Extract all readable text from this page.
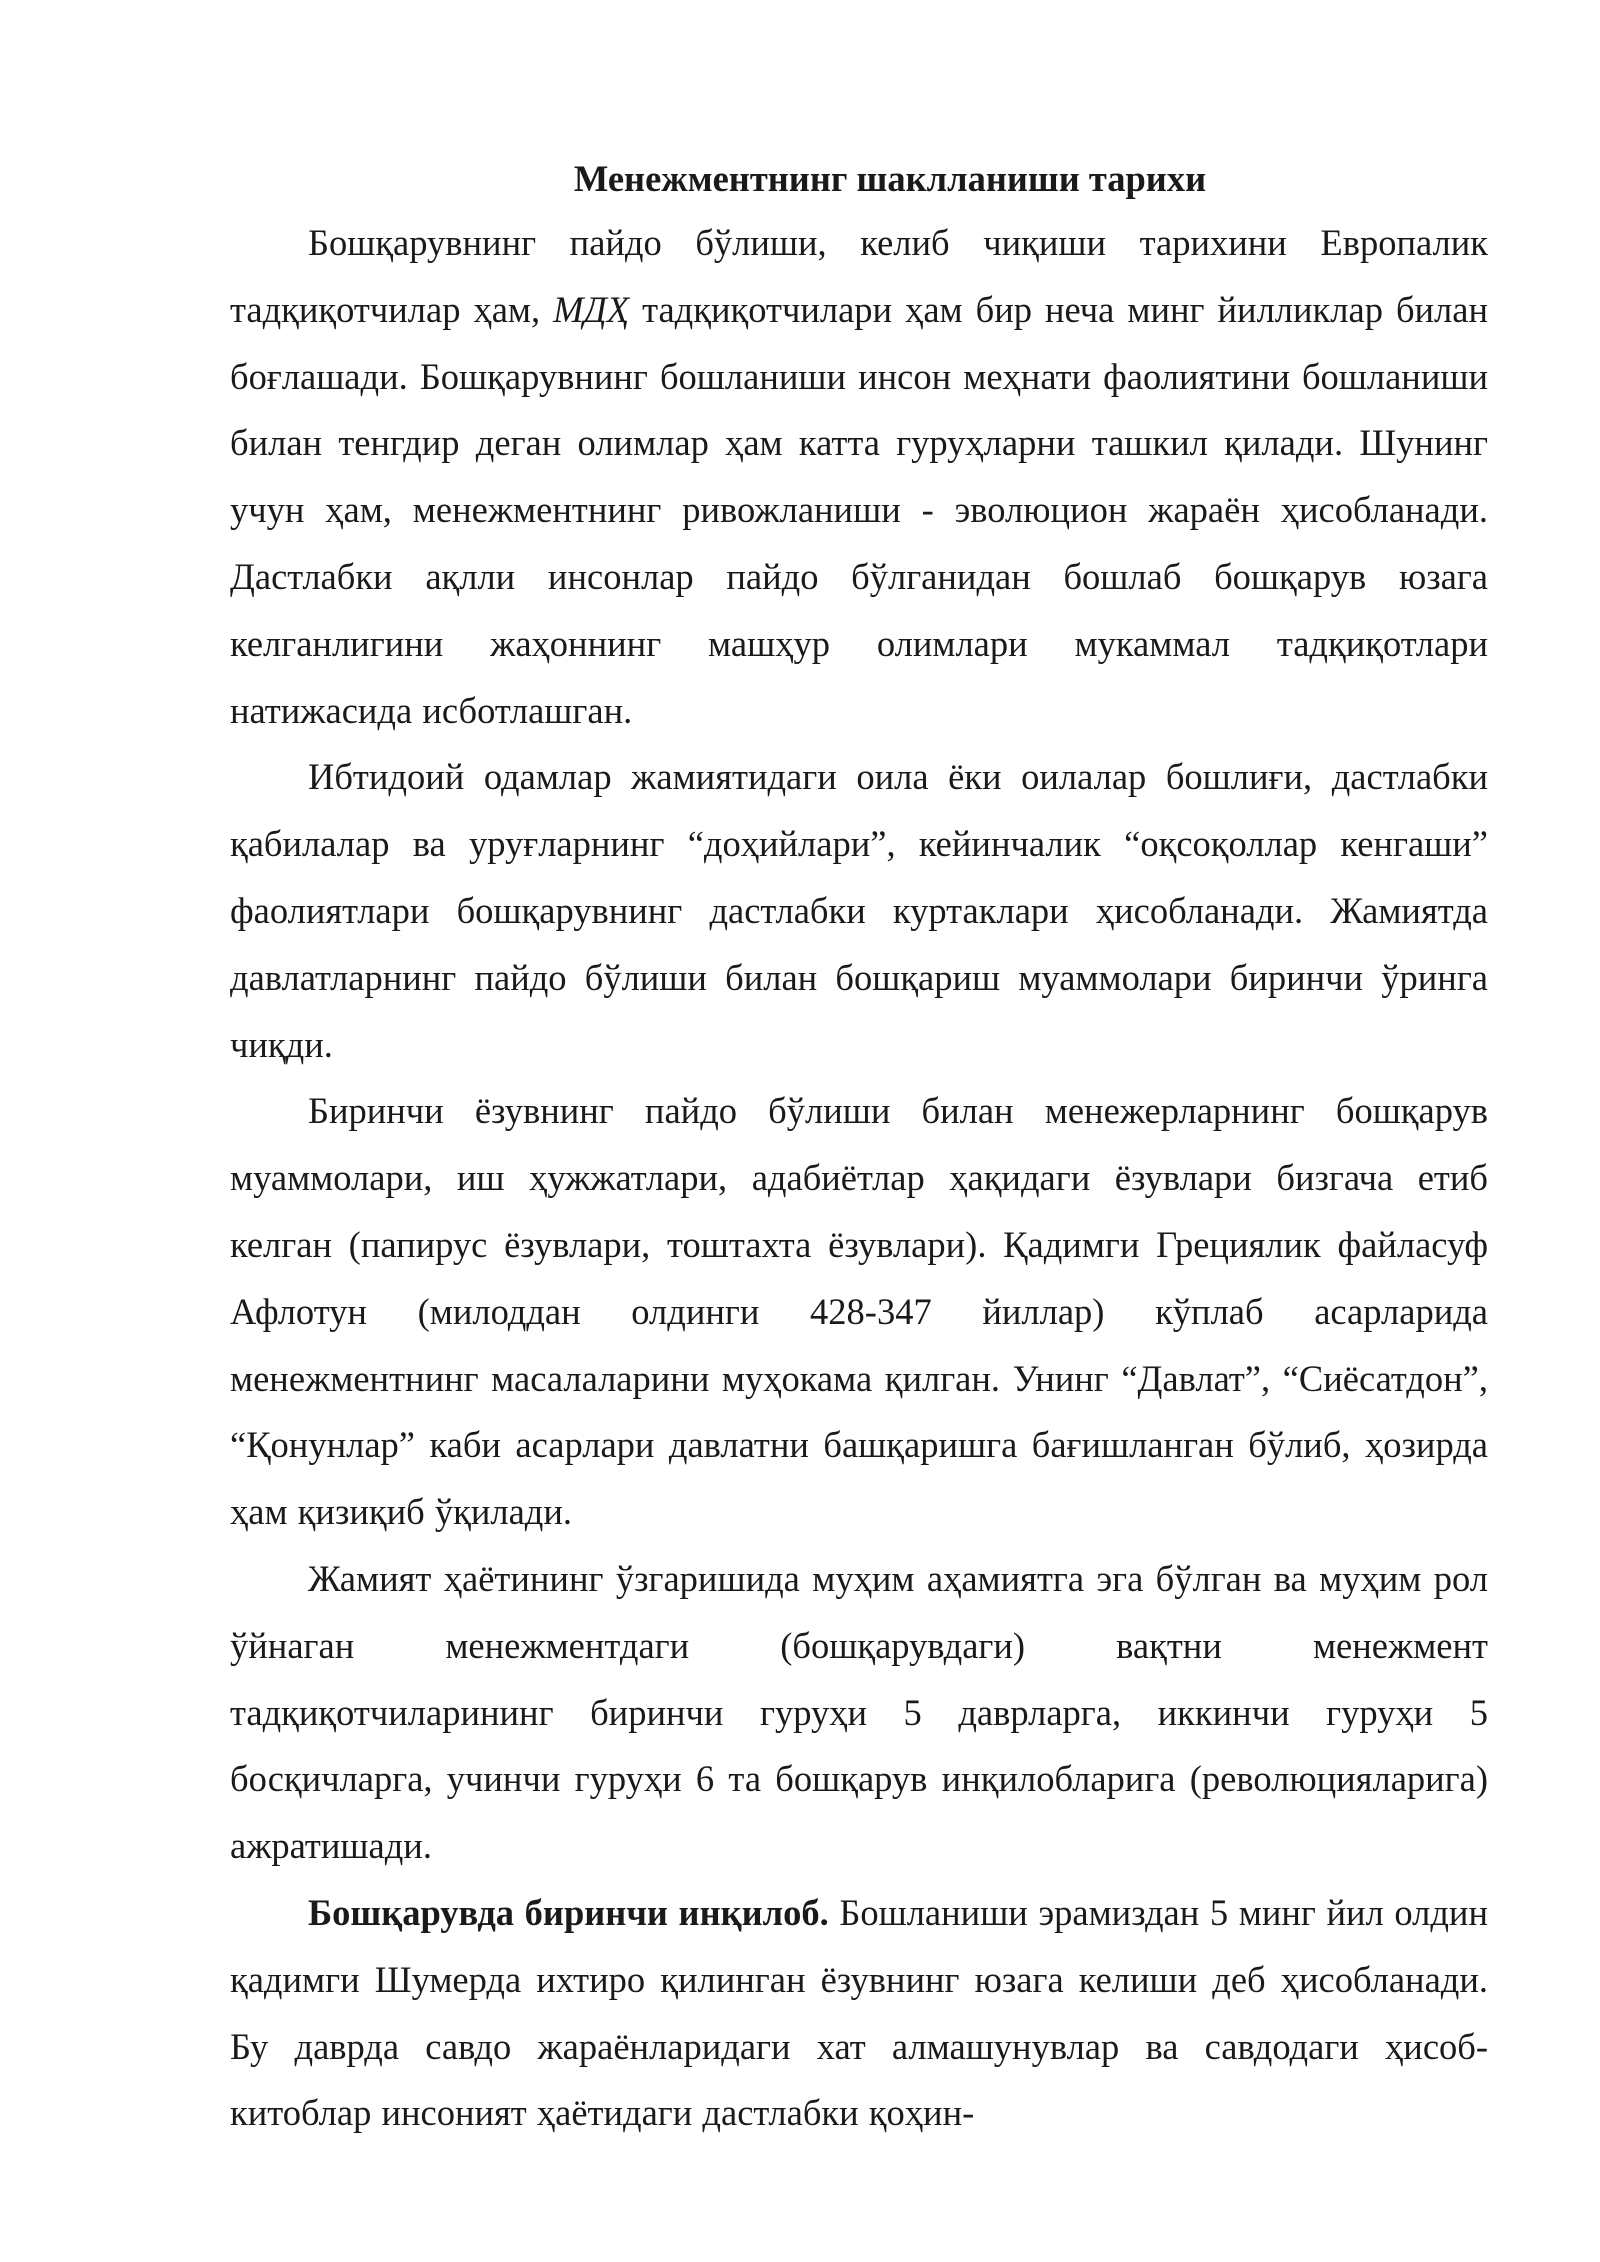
Менежментнинг шаклланиши тарихи

Бошқарувнинг пайдо бўлиши, келиб чиқиши тарихини Европалик тадқиқотчилар ҳам, МДҲ тадқиқотчилари ҳам бир неча минг йилликлар билан боғлашади. Бошқарувнинг бошланиши инсон меҳнати фаолиятини бошланиши билан тенгдир деган олимлар ҳам катта гуруҳларни ташкил қилади. Шунинг учун ҳам, менежментнинг ривожланиши - эволюцион жараён ҳисобланади. Дастлабки ақлли инсонлар пайдо бўлганидан бошлаб бошқарув юзага келганлигини жаҳоннинг машҳур олимлари мукаммал тадқиқотлари натижасида исботлашган.

Ибтидоий одамлар жамиятидаги оила ёки оилалар бошлиғи, дастлабки қабилалар ва уруғларнинг “доҳийлари”, кейинчалик “оқсоқоллар кенгаши” фаолиятлари бошқарувнинг дастлабки куртаклари ҳисобланади. Жамиятда давлатларнинг пайдо бўлиши билан бошқариш муаммолари биринчи ўринга чиқди.

Биринчи ёзувнинг пайдо бўлиши билан менежерларнинг бошқарув муаммолари, иш ҳужжатлари, адабиётлар ҳақидаги ёзувлари бизгача етиб келган (папирус ёзувлари, тоштахта ёзувлари). Қадимги Грециялик файласуф Афлотун (милоддан олдинги 428-347 йиллар) кўплаб асарларида менежментнинг масалаларини муҳокама қилган. Унинг “Давлат”, “Сиёсатдон”, “Қонунлар” каби асарлари давлатни башқаришга бағишланган бўлиб, ҳозирда ҳам қизиқиб ўқилади.

Жамият ҳаётининг ўзгаришида муҳим аҳамиятга эга бўлган ва муҳим рол ўйнаган менежментдаги (бошқарувдаги) вақтни менежмент тадқиқотчиларининг биринчи гуруҳи 5 даврларга, иккинчи гуруҳи 5 босқичларга, учинчи гуруҳи 6 та бошқарув инқилобларига (революцияларига) ажратишади.

Бошқарувда биринчи инқилоб. Бошланиши эрамиздан 5 минг йил олдин қадимги Шумерда ихтиро қилинган ёзувнинг юзага келиши деб ҳисобланади. Бу даврда савдо жараёнларидаги хат алмашунувлар ва савдодаги ҳисоб-китоблар инсоният ҳаётидаги дастлабки қоҳин-
